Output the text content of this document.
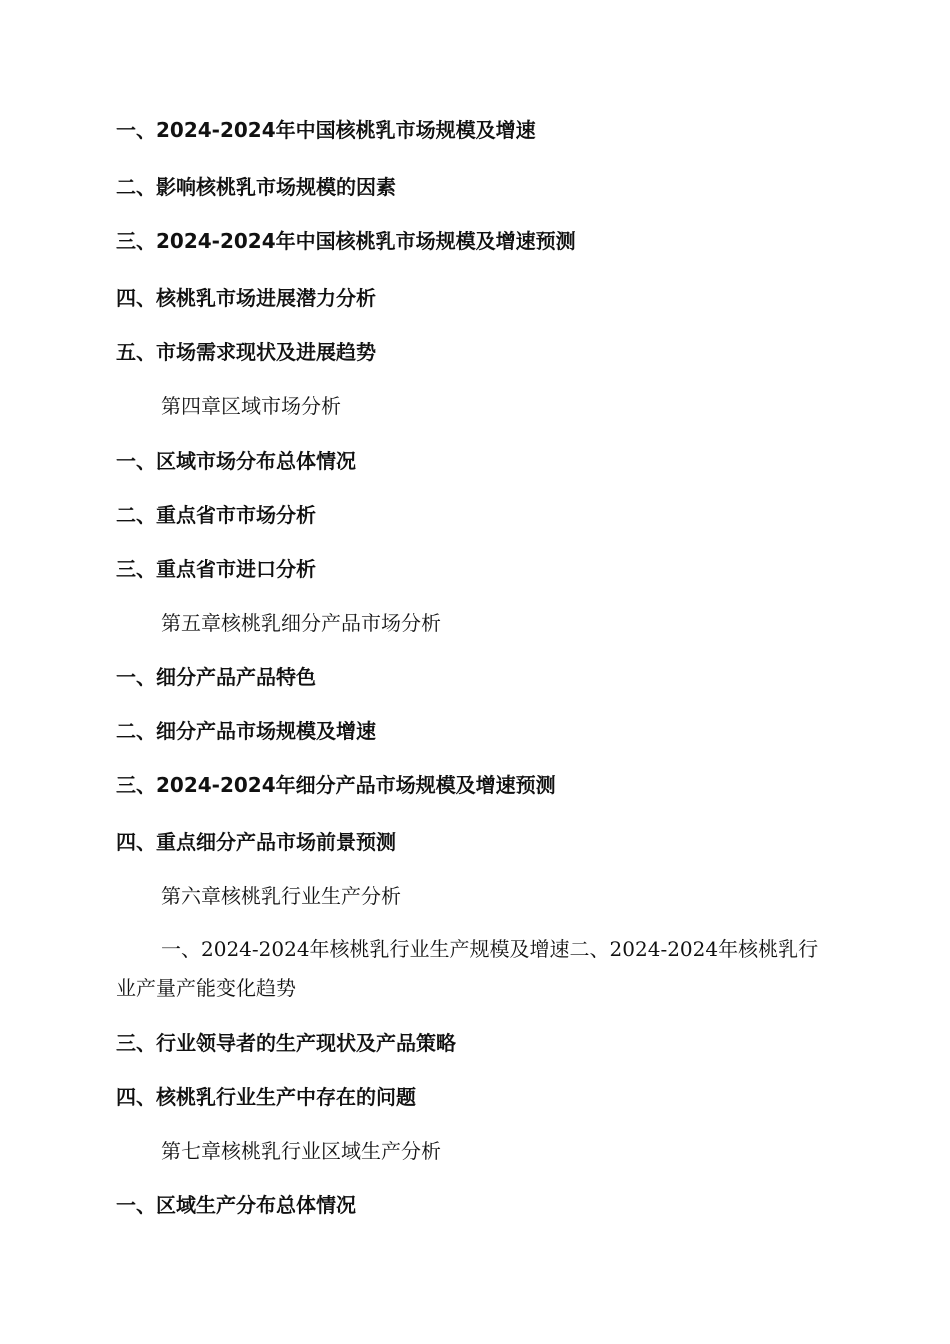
一、2024-2024年中国核桃乳市场规模及增速
二、影响核桃乳市场规模的因素
三、2024-2024年中国核桃乳市场规模及增速预测
四、核桃乳市场进展潜力分析
五、市场需求现状及进展趋势
第四章区域市场分析
一、区域市场分布总体情况
二、重点省市市场分析
三、重点省市进口分析
第五章核桃乳细分产品市场分析
一、细分产品产品特色
二、细分产品市场规模及增速
三、2024-2024年细分产品市场规模及增速预测
四、重点细分产品市场前景预测
第六章核桃乳行业生产分析
一、2024-2024年核桃乳行业生产规模及增速二、2024-2024年核桃乳行业产量产能变化趋势
三、行业领导者的生产现状及产品策略
四、核桃乳行业生产中存在的问题
第七章核桃乳行业区域生产分析
一、区域生产分布总体情况
